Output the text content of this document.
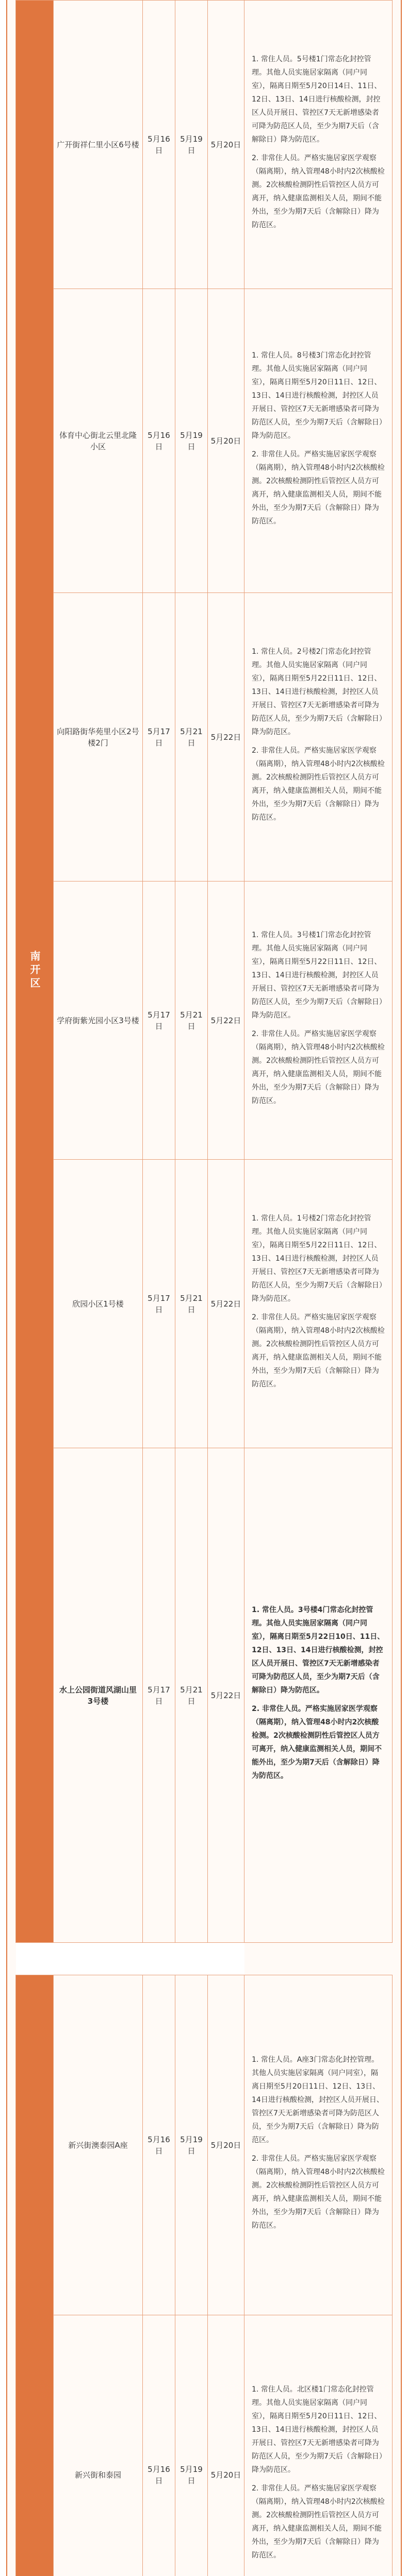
南开区	广开街祥仁里小区6号楼	5月16日	5月19日	5月20日	1. 常住人员。5号楼1门常态化封控管理。其他人员实施居家隔离（同户同室），隔离日期至5月20日14日、11日、12日、13日、14日进行核酸检测，封控区人员开展日、管控区7天无新增感染者可降为防范区人员，至少为期7天后（含解除日）降为防范区。

2. 非常住人员。严格实施居家医学观察（隔离期），纳入管理48小时内2次核酸检测。2次核酸检测阴性后管控区人员方可离开，纳入健康监测相关人员，期间不能外出，至少为期7天后（含解除日）降为防范区。

	体育中心街北云里北隆小区	5月16日	5月19日	5月20日	1. 常住人员。8号楼3门常态化封控管理。其他人员实施居家隔离（同户同室），隔离日期至5月20日11日、12日、13日、14日进行核酸检测，封控区人员开展日、管控区7天无新增感染者可降为防范区人员，至少为期7天后（含解除日）降为防范区。

2. 非常住人员。严格实施居家医学观察（隔离期），纳入管理48小时内2次核酸检测。2次核酸检测阴性后管控区人员方可离开，纳入健康监测相关人员，期间不能外出，至少为期7天后（含解除日）降为防范区。

	向阳路街华苑里小区2号楼2门	5月17日	5月21日	5月22日	1. 常住人员。2号楼2门常态化封控管理。其他人员实施居家隔离（同户同室），隔离日期至5月22日11日、12日、13日、14日进行核酸检测，封控区人员开展日、管控区7天无新增感染者可降为防范区人员，至少为期7天后（含解除日）降为防范区。

2. 非常住人员。严格实施居家医学观察（隔离期），纳入管理48小时内2次核酸检测。2次核酸检测阴性后管控区人员方可离开，纳入健康监测相关人员，期间不能外出，至少为期7天后（含解除日）降为防范区。

	学府街紫光园小区3号楼	5月17日	5月21日	5月22日	1. 常住人员。3号楼1门常态化封控管理。其他人员实施居家隔离（同户同室），隔离日期至5月22日11日、12日、13日、14日进行核酸检测，封控区人员开展日、管控区7天无新增感染者可降为防范区人员，至少为期7天后（含解除日）降为防范区。

2. 非常住人员。严格实施居家医学观察（隔离期），纳入管理48小时内2次核酸检测。2次核酸检测阴性后管控区人员方可离开，纳入健康监测相关人员，期间不能外出，至少为期7天后（含解除日）降为防范区。

	欣园小区1号楼	5月17日	5月21日	5月22日	1. 常住人员。1号楼2门常态化封控管理。其他人员实施居家隔离（同户同室），隔离日期至5月22日11日、12日、13日、14日进行核酸检测，封控区人员开展日、管控区7天无新增感染者可降为防范区人员，至少为期7天后（含解除日）降为防范区。

2. 非常住人员。严格实施居家医学观察（隔离期），纳入管理48小时内2次核酸检测。2次核酸检测阴性后管控区人员方可离开，纳入健康监测相关人员，期间不能外出，至少为期7天后（含解除日）降为防范区。

	水上公园街道风湖山里3号楼	5月17日	5月21日	5月22日	1. 常住人员。3号楼4门常态化封控管理。其他人员实施居家隔离（同户同室），隔离日期至5月22日10日、11日、12日、13日、14日进行核酸检测，封控区人员开展日、管控区7天无新增感染者可降为防范区人员，至少为期7天后（含解除日）降为防范区。

2. 非常住人员。严格实施居家医学观察（隔离期），纳入管理48小时内2次核酸检测。2次核酸检测阴性后管控区人员方可离开，纳入健康监测相关人员，期间不能外出，至少为期7天后（含解除日）降为防范区。

	新兴街澳泰园A座	5月16日	5月19日	5月20日	1. 常住人员。A座3门常态化封控管理。其他人员实施居家隔离（同户同室），隔离日期至5月20日11日、12日、13日、14日进行核酸检测，封控区人员开展日、管控区7天无新增感染者可降为防范区人员，至少为期7天后（含解除日）降为防范区。

2. 非常住人员。严格实施居家医学观察（隔离期），纳入管理48小时内2次核酸检测。2次核酸检测阴性后管控区人员方可离开，纳入健康监测相关人员，期间不能外出，至少为期7天后（含解除日）降为防范区。

	新兴街和泰园	5月16日	5月19日	5月20日	1. 常住人员。北区楼1门常态化封控管理。其他人员实施居家隔离（同户同室），隔离日期至5月20日11日、12日、13日、14日进行核酸检测，封控区人员开展日、管控区7天无新增感染者可降为防范区人员，至少为期7天后（含解除日）降为防范区。

2. 非常住人员。严格实施居家医学观察（隔离期），纳入管理48小时内2次核酸检测。2次核酸检测阴性后管控区人员方可离开，纳入健康监测相关人员，期间不能外出，至少为期7天后（含解除日）降为防范区。
